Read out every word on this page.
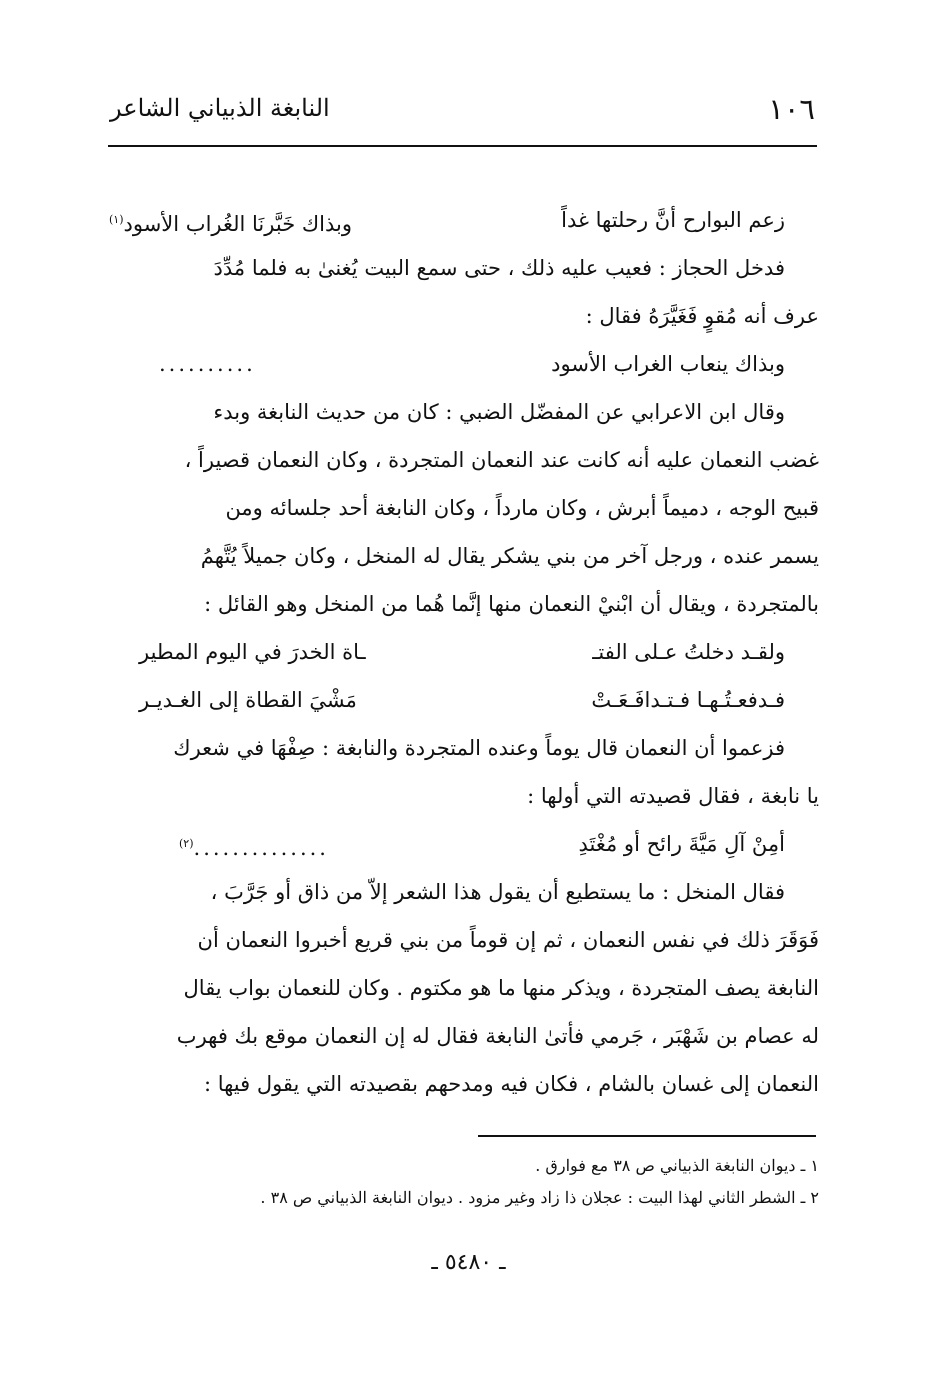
١٠٦
النابغة الذبياني الشاعر
زعم البوارح أنَّ رحلتها غداً
وبذاك خَبَّرنَا الغُراب الأسود(١)
فدخل الحجاز : فعيب عليه ذلك ، حتى سمع البيت يُغنىٰ به فلما مُدِّدَ
عرف أنه مُقوٍ فَغَيَّرَهُ فقال :
وبذاك ينعاب الغراب الأسود
..........
وقال ابن الاعرابي عن المفضّل الضبي : كان من حديث النابغة وبدء
غضب النعمان عليه أنه كانت عند النعمان المتجردة ، وكان النعمان قصيراً ،
قبيح الوجه ، دميماً أبرش ، وكان مارداً ، وكان النابغة أحد جلسائه ومن
يسمر عنده ، ورجل آخر من بني يشكر يقال له المنخل ، وكان جميلاً يُتَّهمُ
بالمتجردة ، ويقال أن ابْنيْ النعمان منها إنَّما هُما من المنخل وهو القائل :
ولقـد دخلتُ عـلى الفتـ
ـاة الخدرَ في اليوم المطير
فـدفعـتُـهـا فـتـدافَـعَـتْ
مَشْيَ القطاة إلى الغـديـر
فزعموا أن النعمان قال يوماً وعنده المتجردة والنابغة : صِفْهَا في شعرك
يا نابغة ، فقال قصيدته التي أولها :
أمِنْ آلِ مَيَّةَ رائح أو مُغْتَدِ
..............(٢)
فقال المنخل : ما يستطيع أن يقول هذا الشعر إلاّ من ذاق أو جَرَّبَ ،
فَوَقَرَ ذلك في نفس النعمان ، ثم إن قوماً من بني قريع أخبروا النعمان أن
النابغة يصف المتجردة ، ويذكر منها ما هو مكتوم . وكان للنعمان بواب يقال
له عصام بن شَهْبَر ، جَرمي فأتىٰ النابغة فقال له إن النعمان موقع بك فهرب
النعمان إلى غسان بالشام ، فكان فيه ومدحهم بقصيدته التي يقول فيها :
١ ـ ديوان النابغة الذبياني ص ٣٨ مع فوارق .
٢ ـ الشطر الثاني لهذا البيت : عجلان ذا زاد وغير مزود . ديوان النابغة الذبياني ص ٣٨ .
ـ ٥٤٨٠ ـ
